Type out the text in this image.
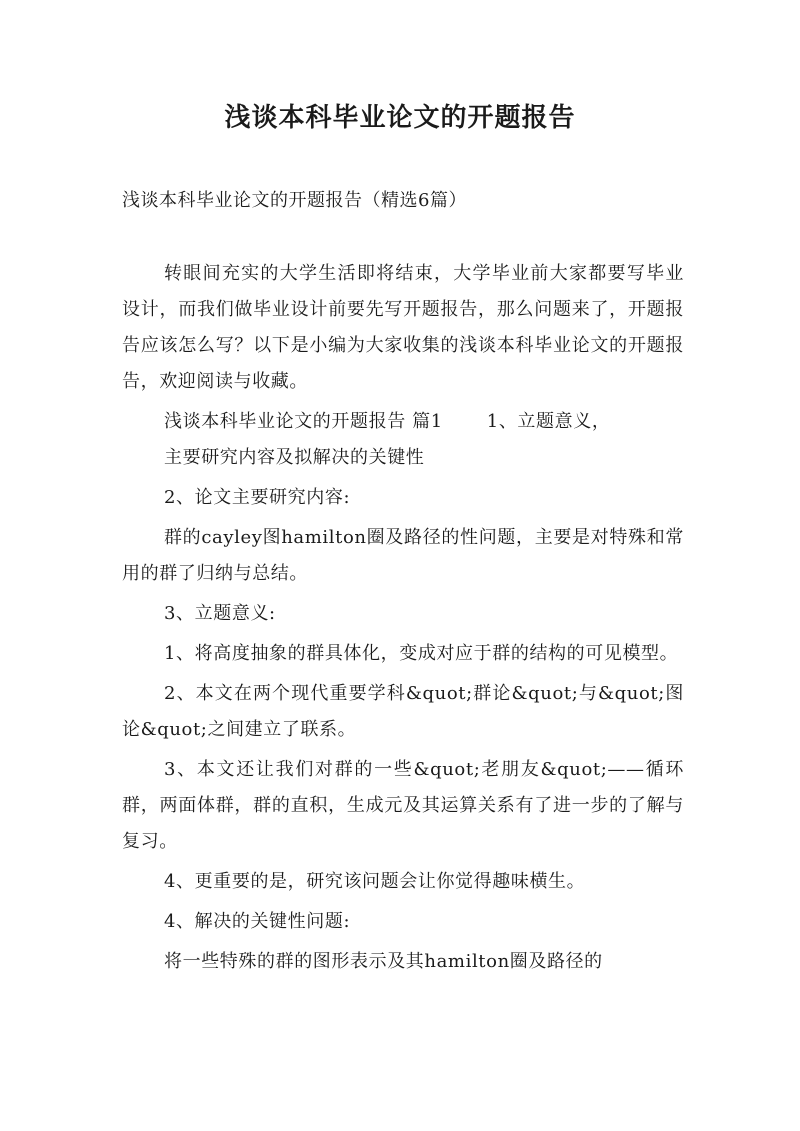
浅谈本科毕业论文的开题报告
浅谈本科毕业论文的开题报告（精选6篇）

转眼间充实的大学生活即将结束，大学毕业前大家都要写毕业设计，而我们做毕业设计前要先写开题报告，那么问题来了，开题报告应该怎么写？以下是小编为大家收集的浅谈本科毕业论文的开题报告，欢迎阅读与收藏。

浅谈本科毕业论文的开题报告 篇1 1、立题意义，

主要研究内容及拟解决的关键性

2、论文主要研究内容:

群的cayley图hamilton圈及路径的性问题，主要是对特殊和常用的群了归纳与总结。

3、立题意义:

1、将高度抽象的群具体化，变成对应于群的结构的可见模型。

2、本文在两个现代重要学科&quot;群论&quot;与&quot;图论&quot;之间建立了联系。

3、本文还让我们对群的一些&quot;老朋友&quot;——循环群，两面体群，群的直积，生成元及其运算关系有了进一步的了解与复习。

4、更重要的是，研究该问题会让你觉得趣味横生。

4、解决的关键性问题:

将一些特殊的群的图形表示及其hamilton圈及路径的
